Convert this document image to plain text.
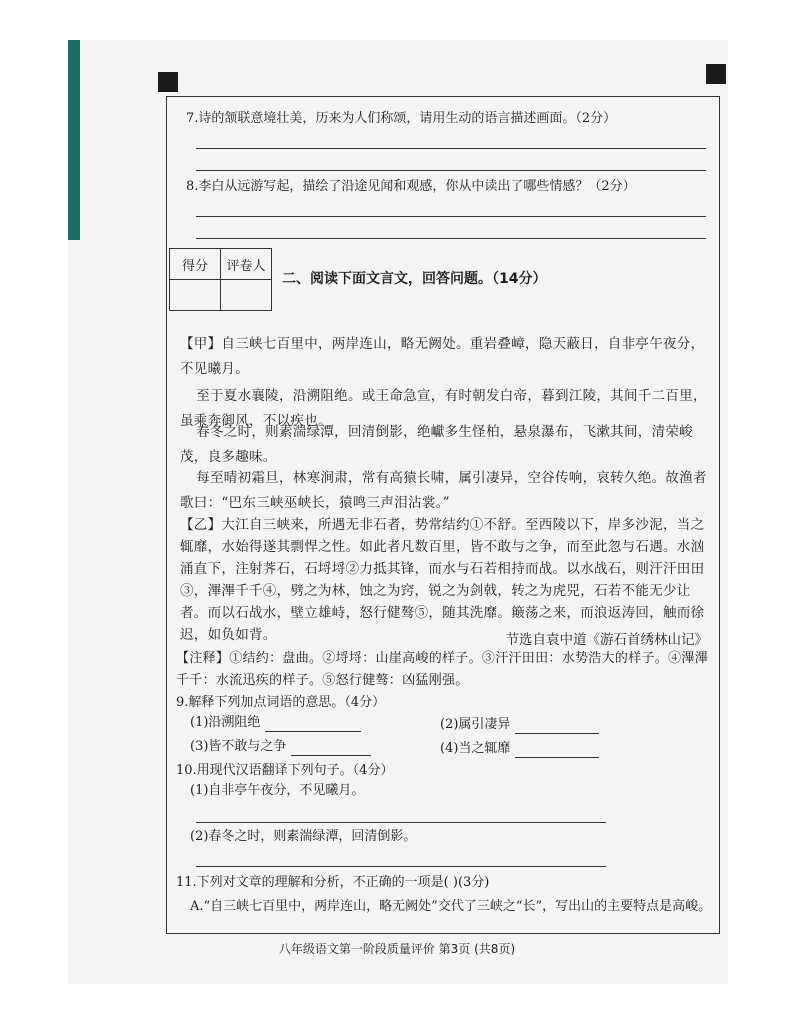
7.诗的颔联意境壮美，历来为人们称颂，请用生动的语言描述画面。（2分）
8.李白从远游写起，描绘了沿途见闻和观感，你从中读出了哪些情感？（2分）
得分	评卷人

二、阅读下面文言文，回答问题。（14分）
【甲】自三峡七百里中，两岸连山，略无阙处。重岩叠嶂，隐天蔽日，自非亭午夜分，不见曦月。
至于夏水襄陵，沿溯阻绝。或王命急宣，有时朝发白帝，暮到江陵，其间千二百里，虽乘奔御风，不以疾也。
春冬之时，则素湍绿潭，回清倒影，绝巘多生怪柏，悬泉瀑布，飞漱其间，清荣峻茂，良多趣味。
每至晴初霜旦，林寒涧肃，常有高猿长啸，属引凄异，空谷传响，哀转久绝。故渔者歌曰：“巴东三峡巫峡长，猿鸣三声泪沾裳。”
【乙】大江自三峡来，所遇无非石者，势常结约①不舒。至西陵以下，岸多沙泥，当之辄靡，水始得遂其剽悍之性。如此者凡数百里，皆不敢与之争，而至此忽与石遇。水汹涌直下，注射荠石，石埒埒②力抵其锋，而水与石若相持而战。以水战石，则汗汗田田③，滭滭千千④，劈之为林，蚀之为窍，锐之为剑戟，转之为虎兕，石若不能无少让者。而以石战水，壁立雄峙，怒行健骜⑤，随其洗靡。簸荡之来，而浪返涛回，触而徐迟，如负如背。	节选自袁中道《游石首绣林山记》
【注释】①结约：盘曲。②埒埒：山崖高峻的样子。③汗汗田田：水势浩大的样子。④滭滭千千：水流迅疾的样子。⑤怒行健骜：凶猛刚强。
9.解释下列加点词语的意思。（4分）
(1)沿溯阻绝	(2)属引凄异
(3)皆不敢与之争	(4)当之辄靡
10.用现代汉语翻译下列句子。（4分）
(1)自非亭午夜分，不见曦月。
(2)春冬之时，则素湍绿潭，回清倒影。
11.下列对文章的理解和分析，不正确的一项是( )(3分)
A.“自三峡七百里中，两岸连山，略无阙处”交代了三峡之“长”，写出山的主要特点是高峻。
八年级语文第一阶段质量评价 第3页 (共8页)
